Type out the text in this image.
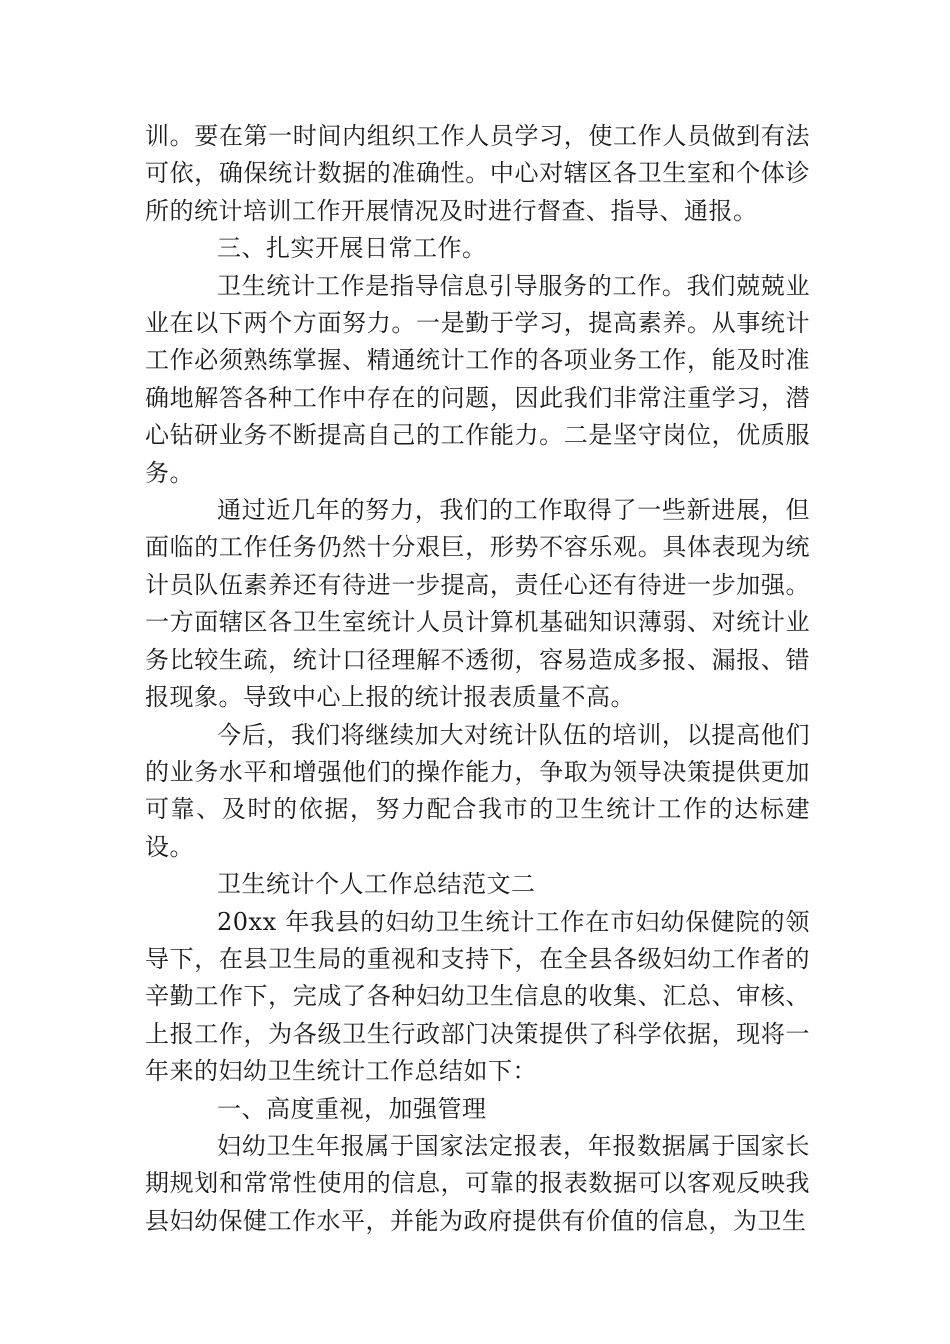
训。要在第一时间内组织工作人员学习，使工作人员做到有法可依，确保统计数据的准确性。中心对辖区各卫生室和个体诊所的统计培训工作开展情况及时进行督查、指导、通报。

三、扎实开展日常工作。

卫生统计工作是指导信息引导服务的工作。我们兢兢业业在以下两个方面努力。一是勤于学习，提高素养。从事统计工作必须熟练掌握、精通统计工作的各项业务工作，能及时准确地解答各种工作中存在的问题，因此我们非常注重学习，潜心钻研业务不断提高自己的工作能力。二是坚守岗位，优质服务。

通过近几年的努力，我们的工作取得了一些新进展，但面临的工作任务仍然十分艰巨，形势不容乐观。具体表现为统计员队伍素养还有待进一步提高，责任心还有待进一步加强。一方面辖区各卫生室统计人员计算机基础知识薄弱、对统计业务比较生疏，统计口径理解不透彻，容易造成多报、漏报、错报现象。导致中心上报的统计报表质量不高。

今后，我们将继续加大对统计队伍的培训，以提高他们的业务水平和增强他们的操作能力，争取为领导决策提供更加可靠、及时的依据，努力配合我市的卫生统计工作的达标建设。

卫生统计个人工作总结范文二

20xx 年我县的妇幼卫生统计工作在市妇幼保健院的领导下，在县卫生局的重视和支持下，在全县各级妇幼工作者的辛勤工作下，完成了各种妇幼卫生信息的收集、汇总、审核、上报工作，为各级卫生行政部门决策提供了科学依据，现将一年来的妇幼卫生统计工作总结如下：

一、高度重视，加强管理

妇幼卫生年报属于国家法定报表，年报数据属于国家长期规划和常常性使用的信息，可靠的报表数据可以客观反映我县妇幼保健工作水平，并能为政府提供有价值的信息，为卫生
